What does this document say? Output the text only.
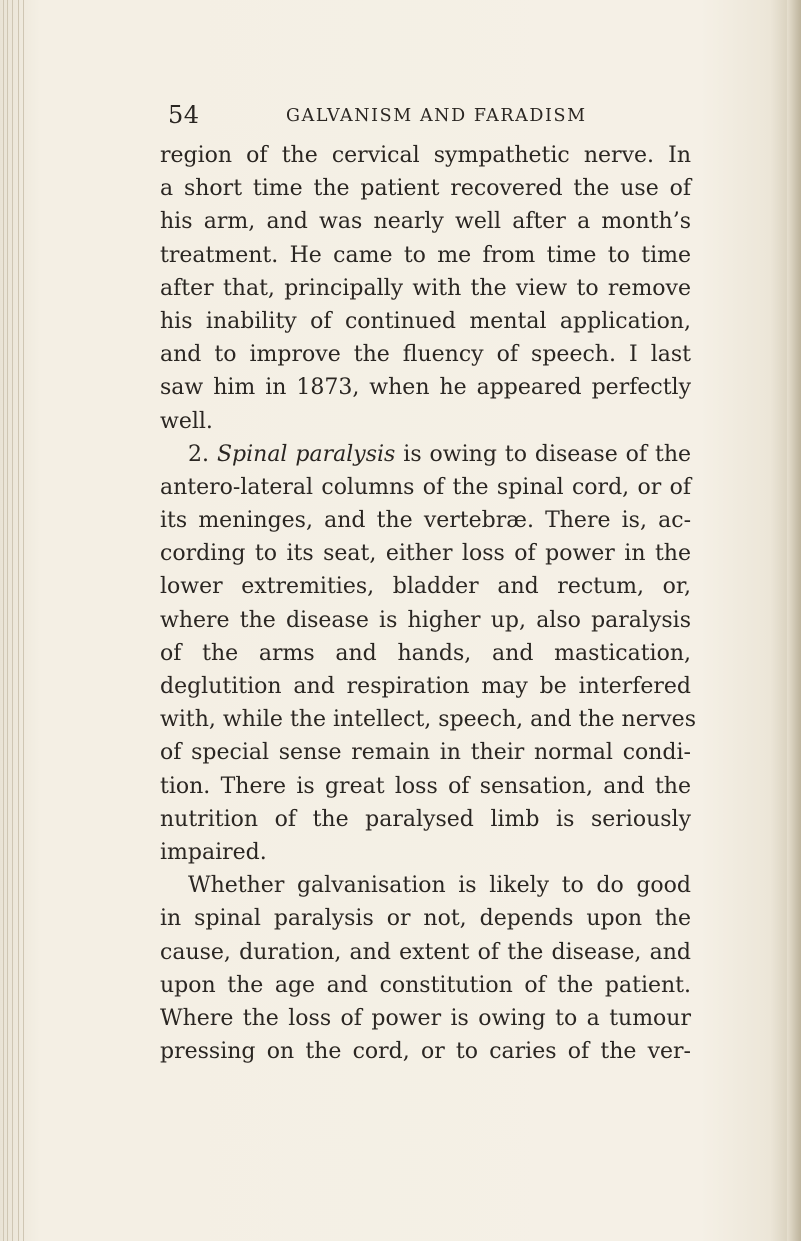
54	GALVANISM AND FARADISM
region of the cervical sympathetic nerve. In
a short time the patient recovered the use of
his arm, and was nearly well after a month’s
treatment. He came to me from time to time
after that, principally with the view to remove
his inability of continued mental application,
and to improve the fluency of speech. I last
saw him in 1873, when he appeared perfectly
well.
2. Spinal paralysis is owing to disease of the
antero-lateral columns of the spinal cord, or of
its meninges, and the vertebræ. There is, ac-
cording to its seat, either loss of power in the
lower extremities, bladder and rectum, or,
where the disease is higher up, also paralysis
of the arms and hands, and mastication,
deglutition and respiration may be interfered
with, while the intellect, speech, and the nerves
of special sense remain in their normal condi-
tion. There is great loss of sensation, and the
nutrition of the paralysed limb is seriously
impaired.
Whether galvanisation is likely to do good
in spinal paralysis or not, depends upon the
cause, duration, and extent of the disease, and
upon the age and constitution of the patient.
Where the loss of power is owing to a tumour
pressing on the cord, or to caries of the ver-
